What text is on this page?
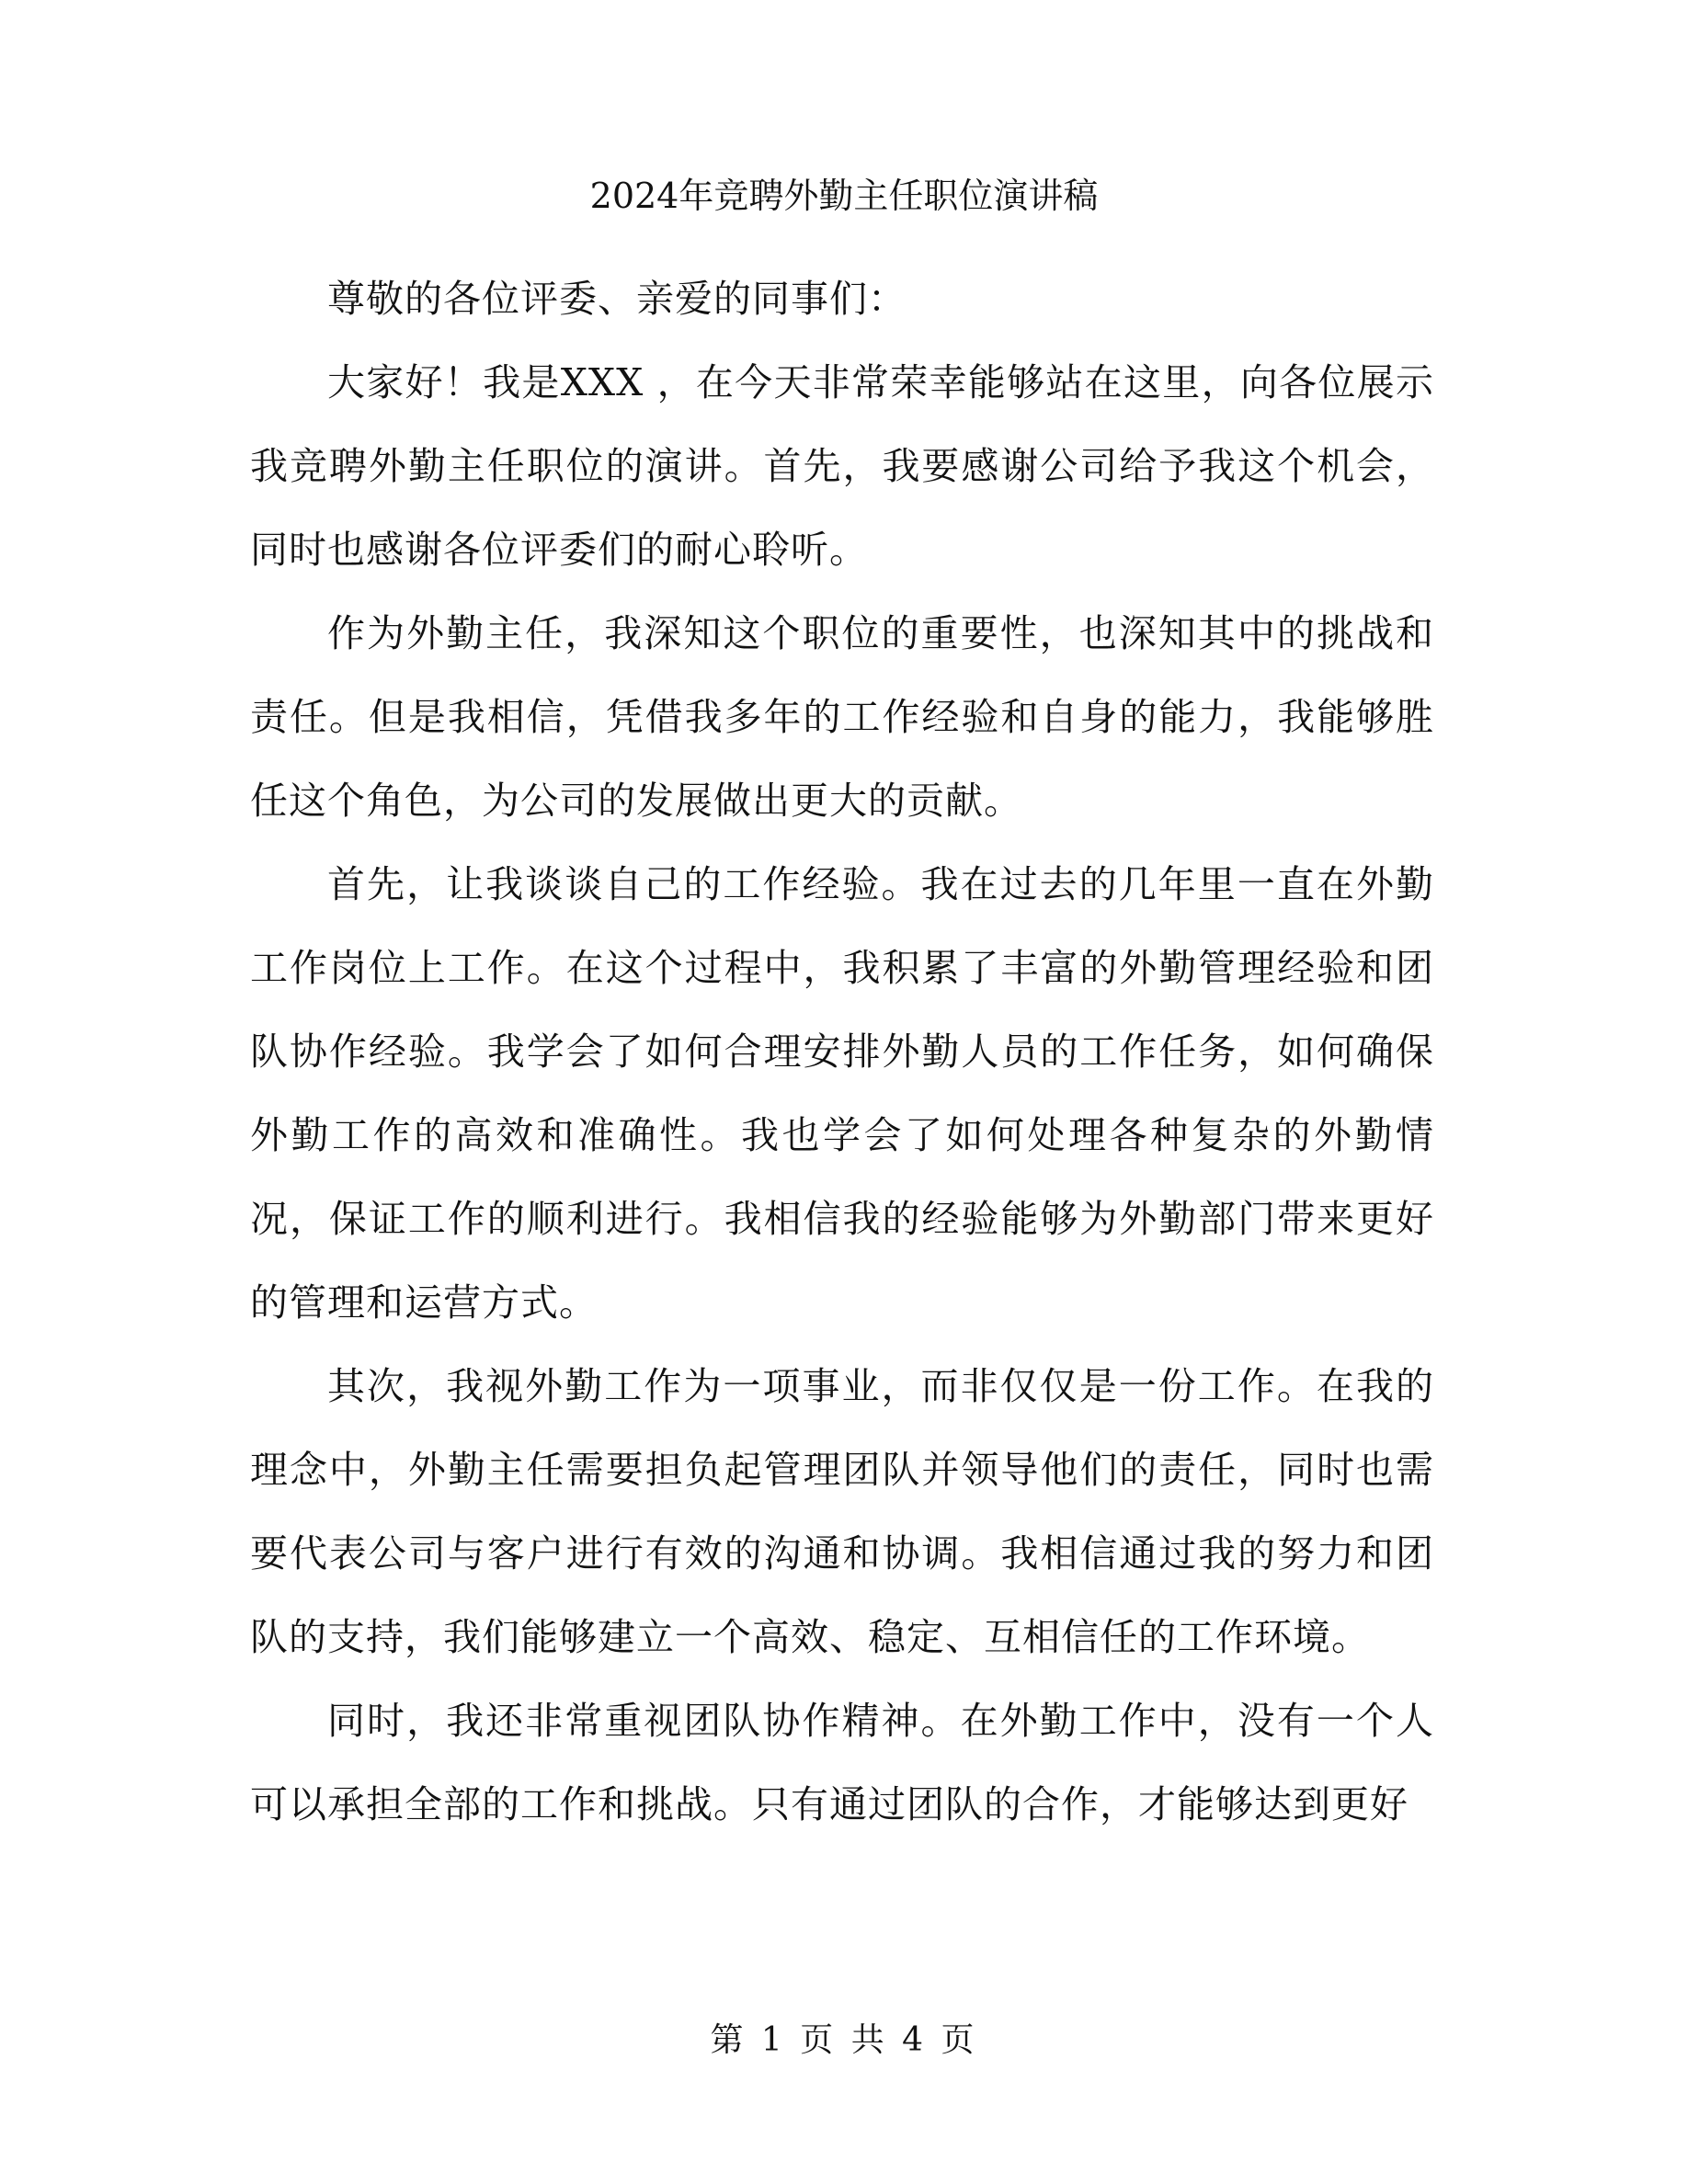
2024年竞聘外勤主任职位演讲稿

尊敬的各位评委、亲爱的同事们：

大家好！我是XXX ，在今天非常荣幸能够站在这里，向各位展示我竞聘外勤主任职位的演讲。首先，我要感谢公司给予我这个机会，同时也感谢各位评委们的耐心聆听。

作为外勤主任，我深知这个职位的重要性，也深知其中的挑战和责任。但是我相信，凭借我多年的工作经验和自身的能力，我能够胜任这个角色，为公司的发展做出更大的贡献。

首先，让我谈谈自己的工作经验。我在过去的几年里一直在外勤工作岗位上工作。在这个过程中，我积累了丰富的外勤管理经验和团队协作经验。我学会了如何合理安排外勤人员的工作任务，如何确保外勤工作的高效和准确性。我也学会了如何处理各种复杂的外勤情况，保证工作的顺利进行。我相信我的经验能够为外勤部门带来更好的管理和运营方式。

其次，我视外勤工作为一项事业，而非仅仅是一份工作。在我的理念中，外勤主任需要担负起管理团队并领导他们的责任，同时也需要代表公司与客户进行有效的沟通和协调。我相信通过我的努力和团队的支持，我们能够建立一个高效、稳定、互相信任的工作环境。

同时，我还非常重视团队协作精神。在外勤工作中，没有一个人可以承担全部的工作和挑战。只有通过团队的合作，才能够达到更好

第 1 页 共 4 页
